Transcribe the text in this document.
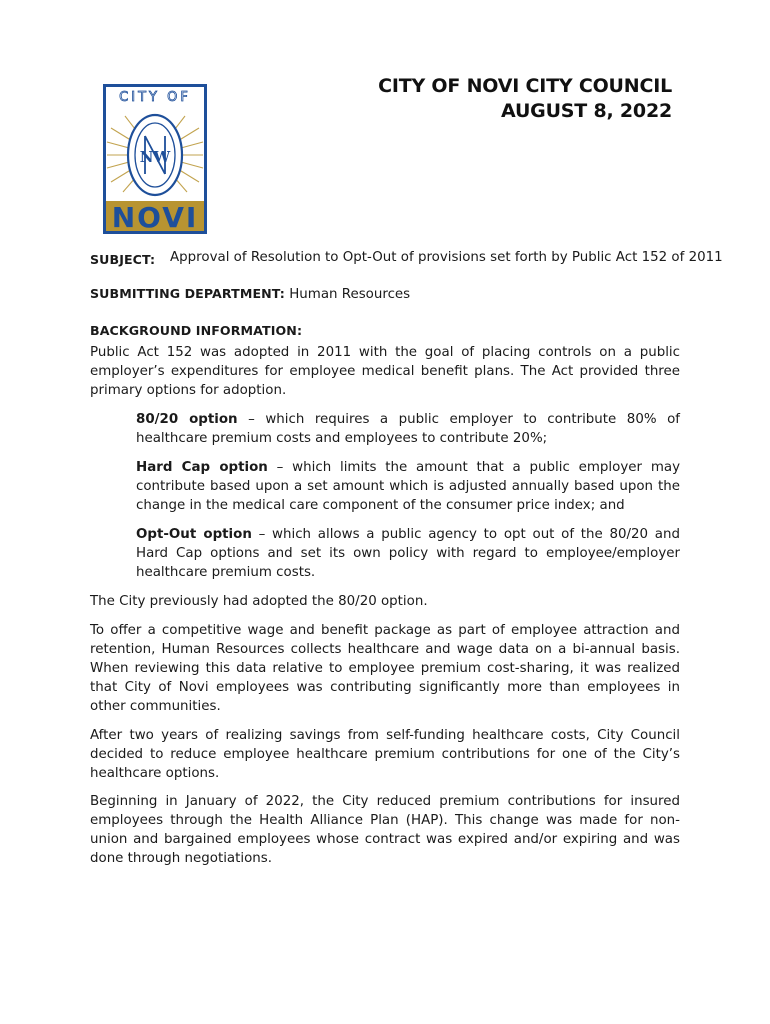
CITY OF
NW
NOVI
CITY OF NOVI CITY COUNCIL
AUGUST 8, 2022
SUBJECT: Approval of Resolution to Opt-Out of provisions set forth by Public Act 152 of 2011
SUBMITTING DEPARTMENT: Human Resources
BACKGROUND INFORMATION:
Public Act 152 was adopted in 2011 with the goal of placing controls on a public employer’s expenditures for employee medical benefit plans. The Act provided three primary options for adoption.
80/20 option – which requires a public employer to contribute 80% of healthcare premium costs and employees to contribute 20%;
Hard Cap option – which limits the amount that a public employer may contribute based upon a set amount which is adjusted annually based upon the change in the medical care component of the consumer price index; and
Opt-Out option – which allows a public agency to opt out of the 80/20 and Hard Cap options and set its own policy with regard to employee/employer healthcare premium costs.
The City previously had adopted the 80/20 option.
To offer a competitive wage and benefit package as part of employee attraction and retention, Human Resources collects healthcare and wage data on a bi-annual basis. When reviewing this data relative to employee premium cost-sharing, it was realized that City of Novi employees was contributing significantly more than employees in other communities.
After two years of realizing savings from self-funding healthcare costs, City Council decided to reduce employee healthcare premium contributions for one of the City’s healthcare options.
Beginning in January of 2022, the City reduced premium contributions for insured employees through the Health Alliance Plan (HAP). This change was made for non-union and bargained employees whose contract was expired and/or expiring and was done through negotiations.
